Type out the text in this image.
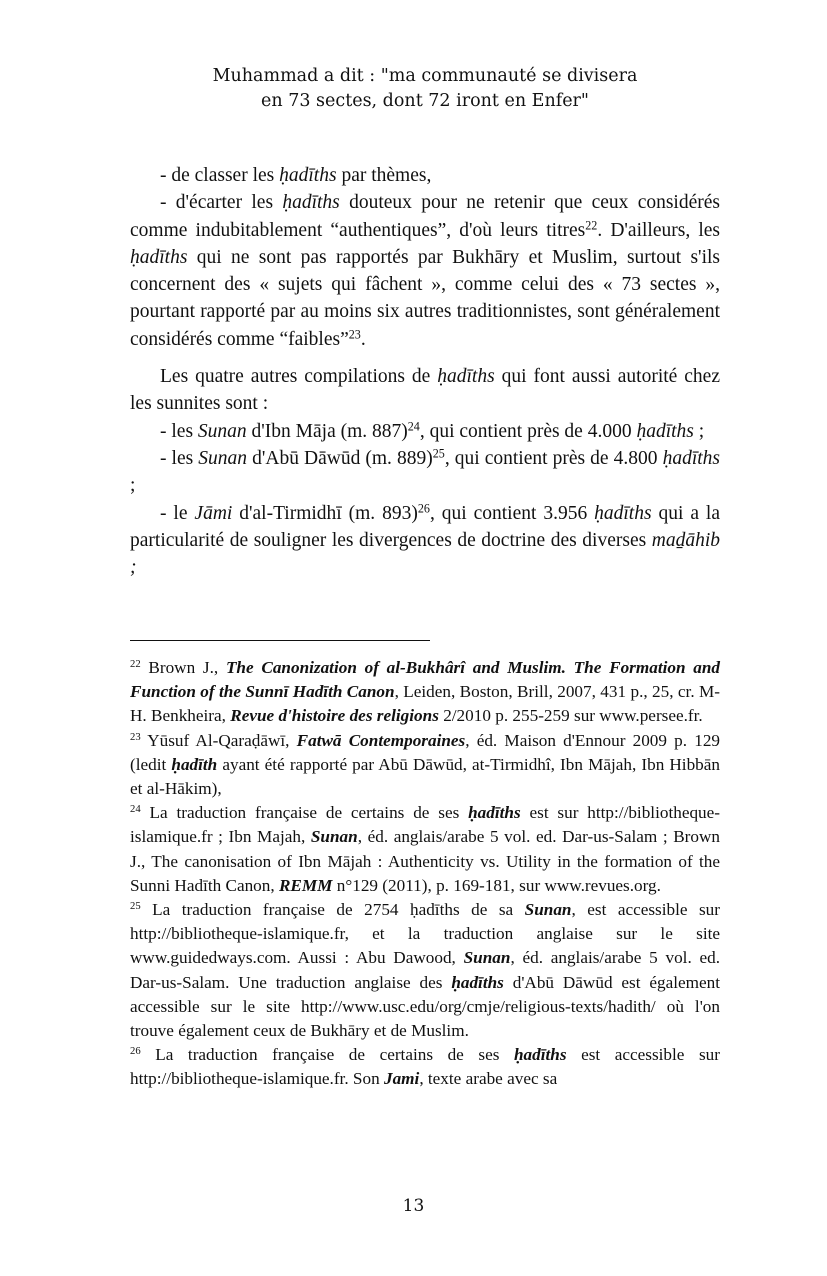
Muhammad a dit : "ma communauté se divisera
en 73 sectes, dont 72 iront en Enfer"

- de classer les ḥadīths par thèmes,

- d'écarter les ḥadīths douteux pour ne retenir que ceux considérés comme indubitablement “authentiques”, d'où leurs titres$^{22}$. D'ailleurs, les ḥadīths qui ne sont pas rapportés par Bukhāry et Muslim, surtout s'ils concernent des « sujets qui fâchent », comme celui des « 73 sectes », pourtant rapporté par au moins six autres traditionnistes, sont généralement considérés comme “faibles”$^{23}$.

Les quatre autres compilations de ḥadīths qui font aussi autorité chez les sunnites sont :

- les Sunan d'Ibn Māja (m. 887)$^{24}$, qui contient près de 4.000 ḥadīths ;

- les Sunan d'Abū Dāwūd (m. 889)$^{25}$, qui contient près de 4.800 ḥadīths ;

- le Jāmi d'al-Tirmidhī (m. 893)$^{26}$, qui contient 3.956 ḥadīths qui a la particularité de souligner les divergences de doctrine des diverses maḏāhib ;

$^{22}$ Brown J., The Canonization of al-Bukhârî and Muslim. The Formation and Function of the Sunnī Hadīth Canon, Leiden, Boston, Brill, 2007, 431 p., 25, cr. M-H. Benkheira, Revue d'histoire des religions 2/2010 p. 255-259 sur www.persee.fr.

$^{23}$ Yūsuf Al-Qaraḍāwī, Fatwā Contemporaines, éd. Maison d'Ennour 2009 p. 129 (ledit ḥadīth ayant été rapporté par Abū Dāwūd, at-Tirmidhî, Ibn Mājah, Ibn Hibbān et al-Hākim),

$^{24}$ La traduction française de certains de ses ḥadīths est sur http://bibliotheque-islamique.fr ; Ibn Majah, Sunan, éd. anglais/arabe 5 vol. ed. Dar-us-Salam ; Brown J., The canonisation of Ibn Mājah : Authenticity vs. Utility in the formation of the Sunni Hadīth Canon, REMM n°129 (2011), p. 169-181, sur www.revues.org.

$^{25}$ La traduction française de 2754 ḥadīths de sa Sunan, est accessible sur http://bibliotheque-islamique.fr, et la traduction anglaise sur le site www.guidedways.com. Aussi : Abu Dawood, Sunan, éd. anglais/arabe 5 vol. ed. Dar-us-Salam. Une traduction anglaise des ḥadīths d'Abū Dāwūd est également accessible sur le site http://www.usc.edu/org/cmje/religious-texts/hadith/ où l'on trouve également ceux de Bukhāry et de Muslim.

$^{26}$ La traduction française de certains de ses ḥadīths est accessible sur http://bibliotheque-islamique.fr. Son Jami, texte arabe avec sa

13
